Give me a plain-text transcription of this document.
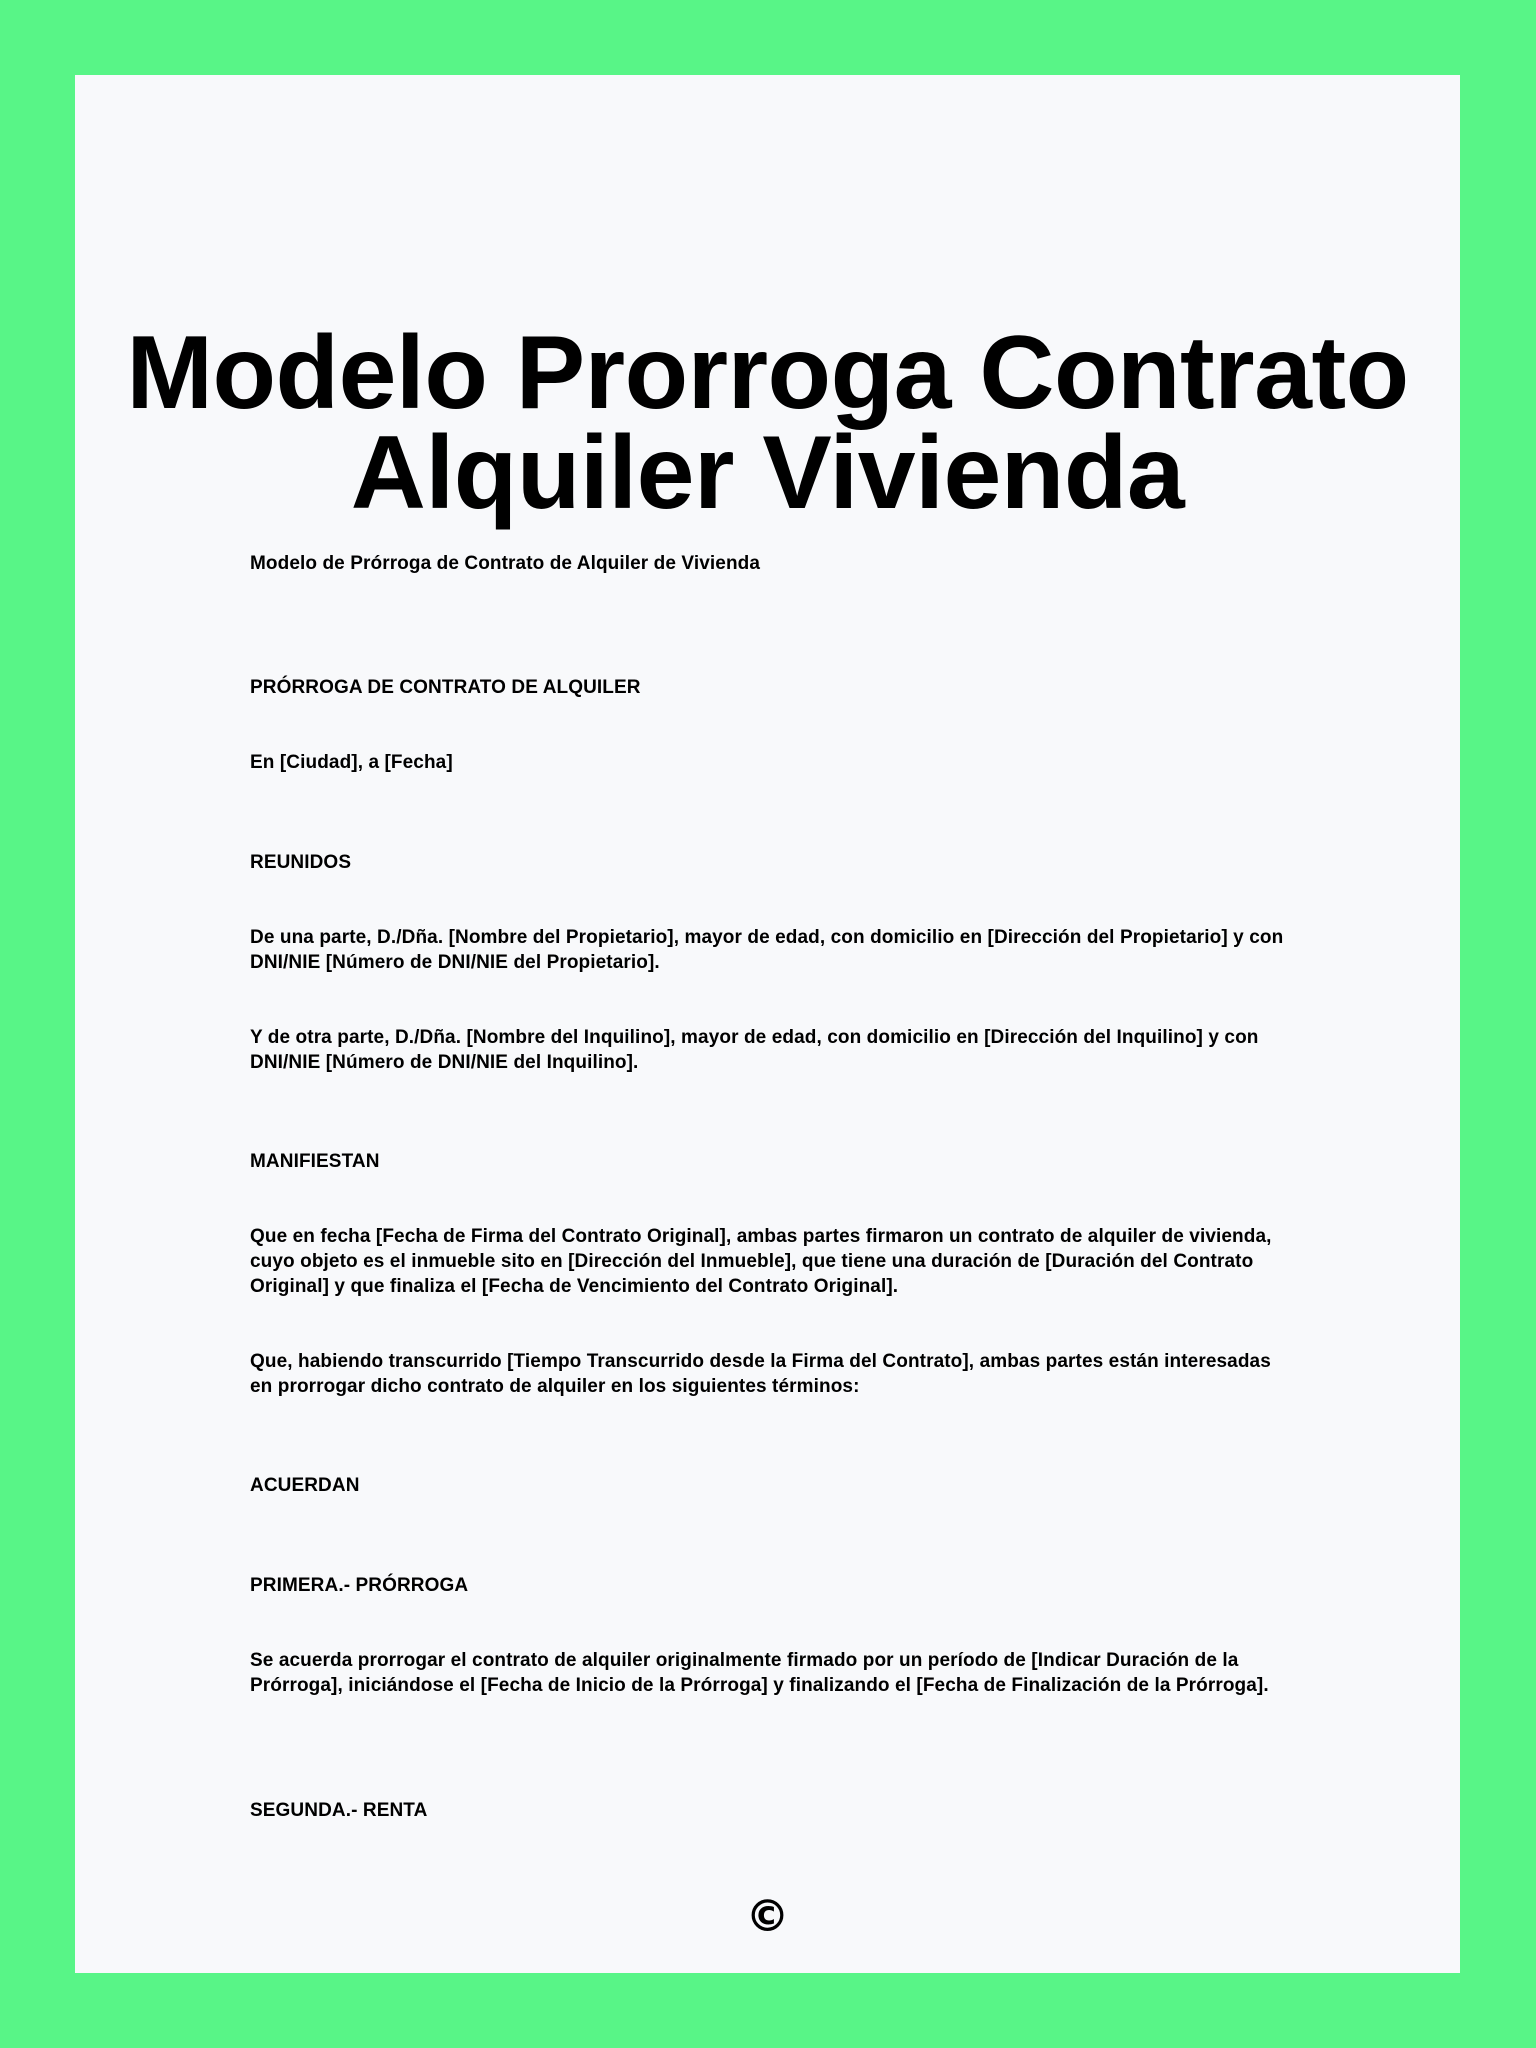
Modelo Prorroga Contrato
Alquiler Vivienda

Modelo de Prórroga de Contrato de Alquiler de Vivienda

PRÓRROGA DE CONTRATO DE ALQUILER

En [Ciudad], a [Fecha]

REUNIDOS

De una parte, D./Dña. [Nombre del Propietario], mayor de edad, con domicilio en [Dirección del Propietario] y con DNI/NIE [Número de DNI/NIE del Propietario].

Y de otra parte, D./Dña. [Nombre del Inquilino], mayor de edad, con domicilio en [Dirección del Inquilino] y con DNI/NIE [Número de DNI/NIE del Inquilino].

MANIFIESTAN

Que en fecha [Fecha de Firma del Contrato Original], ambas partes firmaron un contrato de alquiler de vivienda, cuyo objeto es el inmueble sito en [Dirección del Inmueble], que tiene una duración de [Duración del Contrato Original] y que finaliza el [Fecha de Vencimiento del Contrato Original].

Que, habiendo transcurrido [Tiempo Transcurrido desde la Firma del Contrato], ambas partes están interesadas en prorrogar dicho contrato de alquiler en los siguientes términos:

ACUERDAN

PRIMERA.- PRÓRROGA

Se acuerda prorrogar el contrato de alquiler originalmente firmado por un período de [Indicar Duración de la Prórroga], iniciándose el [Fecha de Inicio de la Prórroga] y finalizando el [Fecha de Finalización de la Prórroga].

SEGUNDA.- RENTA

©
